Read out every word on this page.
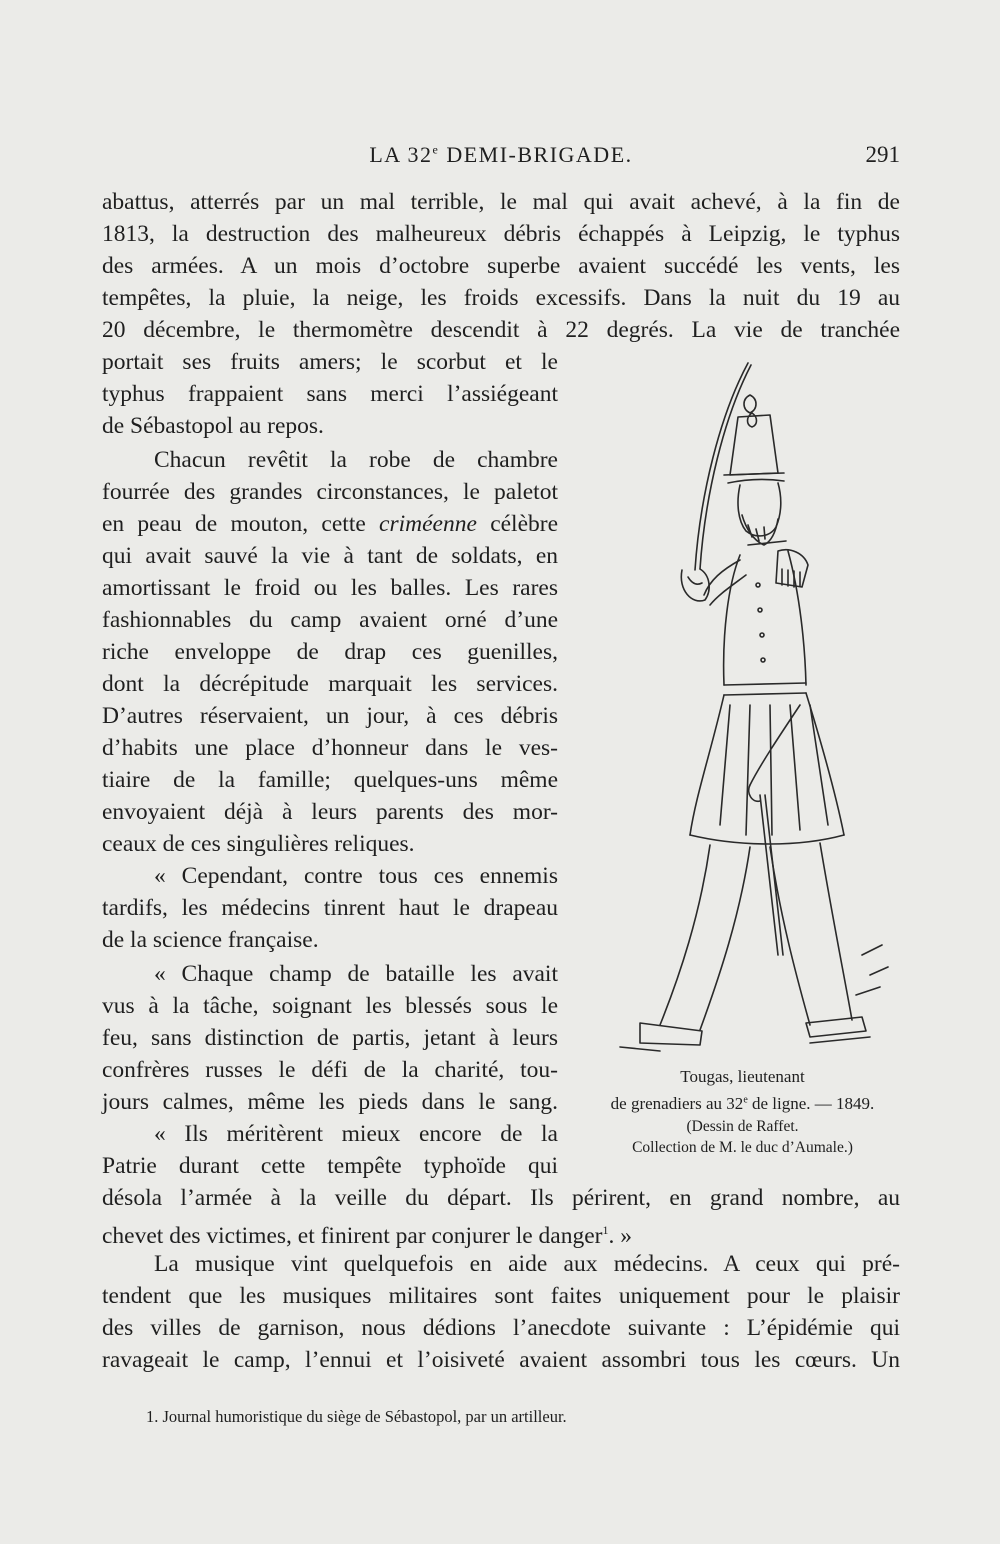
LA 32e DEMI-BRIGADE.	291
abattus, atterrés par un mal terrible, le mal qui avait achevé, à la fin de
1813, la destruction des malheureux débris échappés à Leipzig, le typhus
des armées. A un mois d’octobre superbe avaient succédé les vents, les
tempêtes, la pluie, la neige, les froids excessifs. Dans la nuit du 19 au
20 décembre, le thermomètre descendit à 22 degrés. La vie de tranchée
portait ses fruits amers; le scorbut et le
typhus frappaient sans merci l’assiégeant
de Sébastopol au repos.
Chacun revêtit la robe de chambre
fourrée des grandes circonstances, le paletot
en peau de mouton, cette criméenne célèbre
qui avait sauvé la vie à tant de soldats, en
amortissant le froid ou les balles. Les rares
fashionnables du camp avaient orné d’une
riche enveloppe de drap ces guenilles,
dont la décrépitude marquait les services.
D’autres réservaient, un jour, à ces débris
d’habits une place d’honneur dans le ves-
tiaire de la famille; quelques-uns même
envoyaient déjà à leurs parents des mor-
ceaux de ces singulières reliques.
« Cependant, contre tous ces ennemis
tardifs, les médecins tinrent haut le drapeau
de la science française.
« Chaque champ de bataille les avait
vus à la tâche, soignant les blessés sous le
feu, sans distinction de partis, jetant à leurs
confrères russes le défi de la charité, tou-
jours calmes, même les pieds dans le sang.
« Ils méritèrent mieux encore de la
Patrie durant cette tempête typhoïde qui
désola l’armée à la veille du départ. Ils périrent, en grand nombre, au
chevet des victimes, et finirent par conjurer le danger$^1$. »
La musique vint quelquefois en aide aux médecins. A ceux qui pré-
tendent que les musiques militaires sont faites uniquement pour le plaisir
des villes de garnison, nous dédions l’anecdote suivante : L’épidémie qui
ravageait le camp, l’ennui et l’oisiveté avaient assombri tous les cœurs. Un
Tougas, lieutenant
de grenadiers au 32e de ligne. — 1849.
(Dessin de Raffet.
Collection de M. le duc d’Aumale.)
1. Journal humoristique du siège de Sébastopol, par un artilleur.
